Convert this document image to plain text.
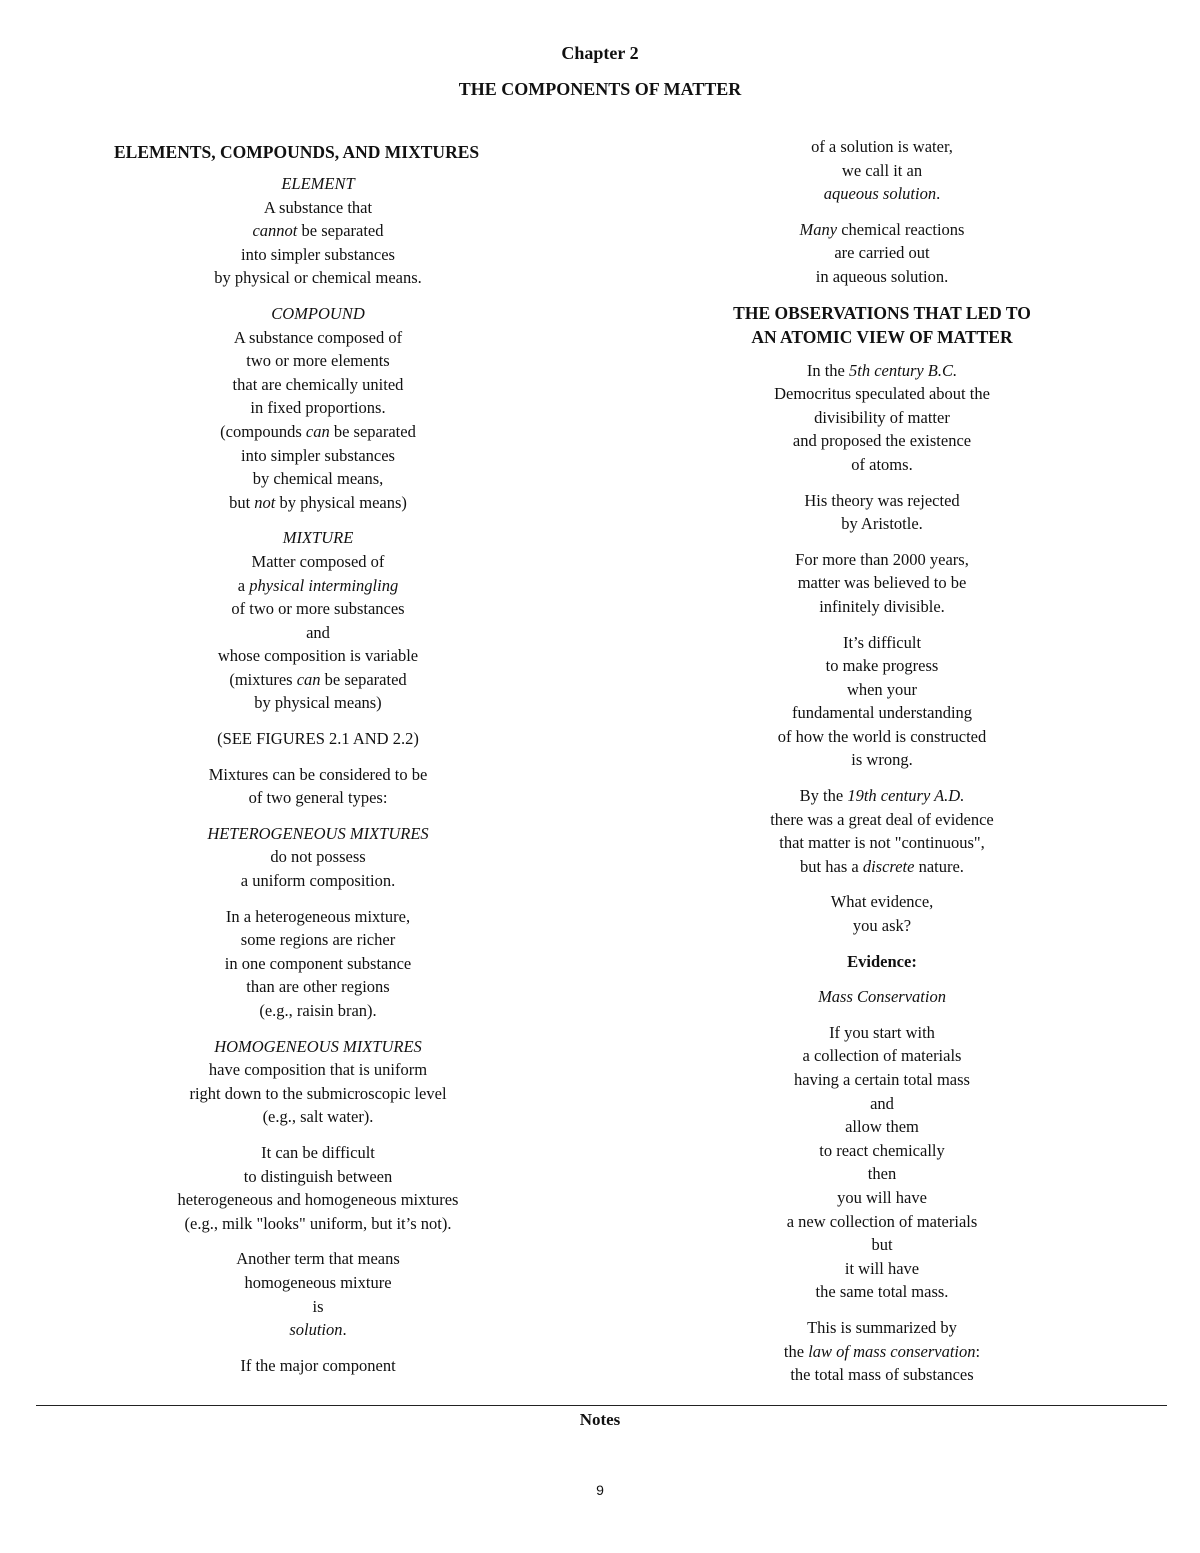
Chapter 2
THE COMPONENTS OF MATTER
ELEMENTS, COMPOUNDS, AND MIXTURES
ELEMENT
A substance that
cannot be separated
into simpler substances
by physical or chemical means.
COMPOUND
A substance composed of
two or more elements
that are chemically united
in fixed proportions.
(compounds can be separated
into simpler substances
by chemical means,
but not by physical means)
MIXTURE
Matter composed of
a physical intermingling
of two or more substances
and
whose composition is variable
(mixtures can be separated
by physical means)
(SEE FIGURES 2.1 AND 2.2)
Mixtures can be considered to be
of two general types:
HETEROGENEOUS MIXTURES
do not possess
a uniform composition.
In a heterogeneous mixture,
some regions are richer
in one component substance
than are other regions
(e.g., raisin bran).
HOMOGENEOUS MIXTURES
have composition that is uniform
right down to the submicroscopic level
(e.g., salt water).
It can be difficult
to distinguish between
heterogeneous and homogeneous mixtures
(e.g., milk "looks" uniform, but it’s not).
Another term that means
homogeneous mixture
is
solution.
If the major component
of a solution is water,
we call it an
aqueous solution.
Many chemical reactions
are carried out
in aqueous solution.
THE OBSERVATIONS THAT LED TO
AN ATOMIC VIEW OF MATTER
In the 5th century B.C.
Democritus speculated about the
divisibility of matter
and proposed the existence
of atoms.
His theory was rejected
by Aristotle.
For more than 2000 years,
matter was believed to be
infinitely divisible.
It’s difficult
to make progress
when your
fundamental understanding
of how the world is constructed
is wrong.
By the 19th century A.D.
there was a great deal of evidence
that matter is not "continuous",
but has a discrete nature.
What evidence,
you ask?
Evidence:
Mass Conservation
If you start with
a collection of materials
having a certain total mass
and
allow them
to react chemically
then
you will have
a new collection of materials
but
it will have
the same total mass.
This is summarized by
the law of mass conservation:
the total mass of substances
Notes
9
